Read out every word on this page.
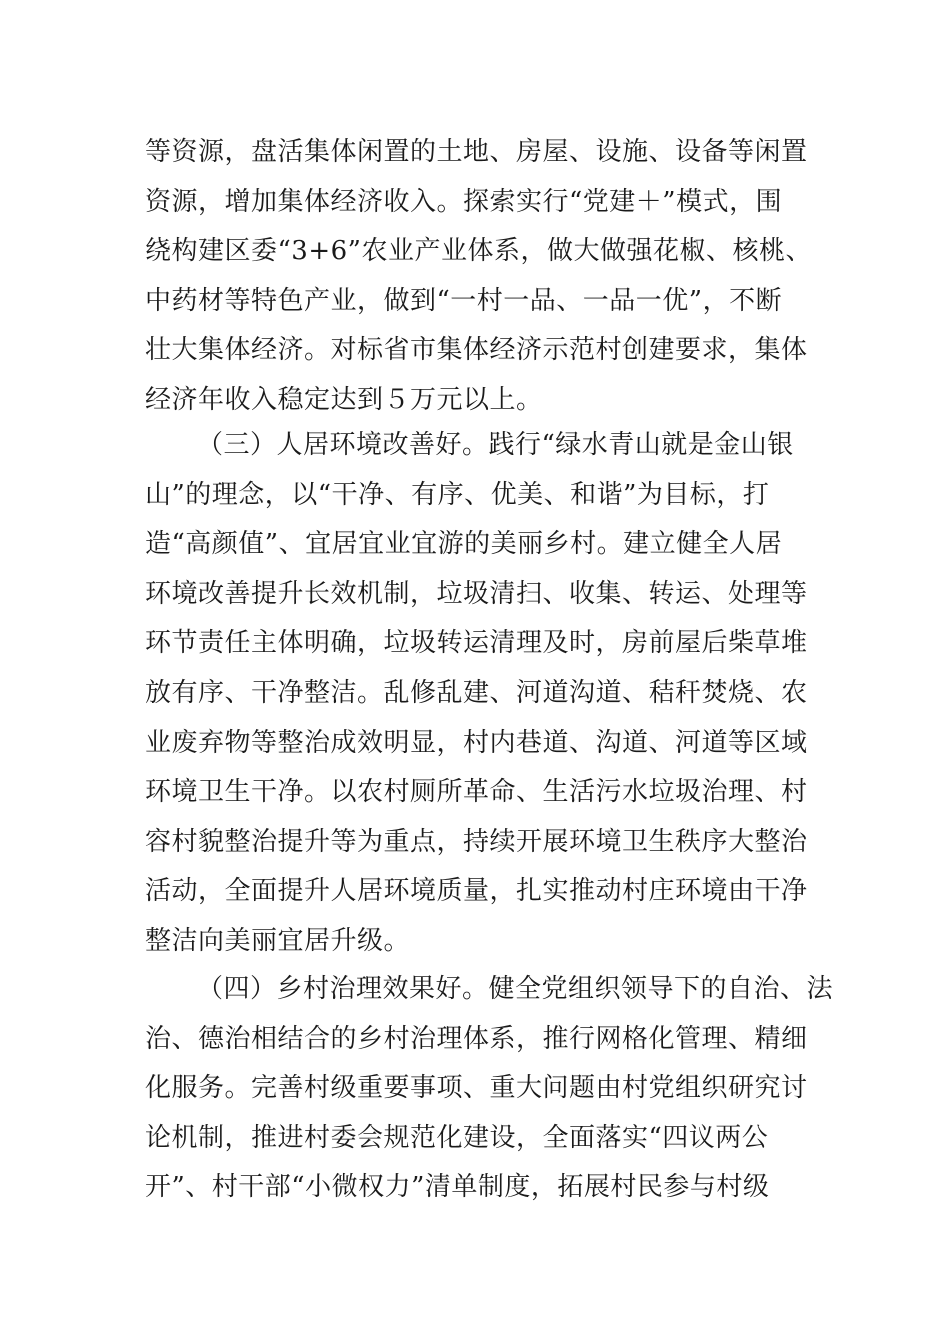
等资源，盘活集体闲置的土地、房屋、设施、设备等闲置
资源，增加集体经济收入。探索实行“党建＋”模式，围
绕构建区委“3+6”农业产业体系，做大做强花椒、核桃、
中药材等特色产业，做到“一村一品、一品一优”，不断
壮大集体经济。对标省市集体经济示范村创建要求，集体
经济年收入稳定达到５万元以上。
（三）人居环境改善好。践行“绿水青山就是金山银
山”的理念，以“干净、有序、优美、和谐”为目标，打
造“高颜值”、宜居宜业宜游的美丽乡村。建立健全人居
环境改善提升长效机制，垃圾清扫、收集、转运、处理等
环节责任主体明确，垃圾转运清理及时，房前屋后柴草堆
放有序、干净整洁。乱修乱建、河道沟道、秸秆焚烧、农
业废弃物等整治成效明显，村内巷道、沟道、河道等区域
环境卫生干净。以农村厕所革命、生活污水垃圾治理、村
容村貌整治提升等为重点，持续开展环境卫生秩序大整治
活动，全面提升人居环境质量，扎实推动村庄环境由干净
整洁向美丽宜居升级。
（四）乡村治理效果好。健全党组织领导下的自治、法
治、德治相结合的乡村治理体系，推行网格化管理、精细
化服务。完善村级重要事项、重大问题由村党组织研究讨
论机制，推进村委会规范化建设，全面落实“四议两公
开”、村干部“小微权力”清单制度，拓展村民参与村级
